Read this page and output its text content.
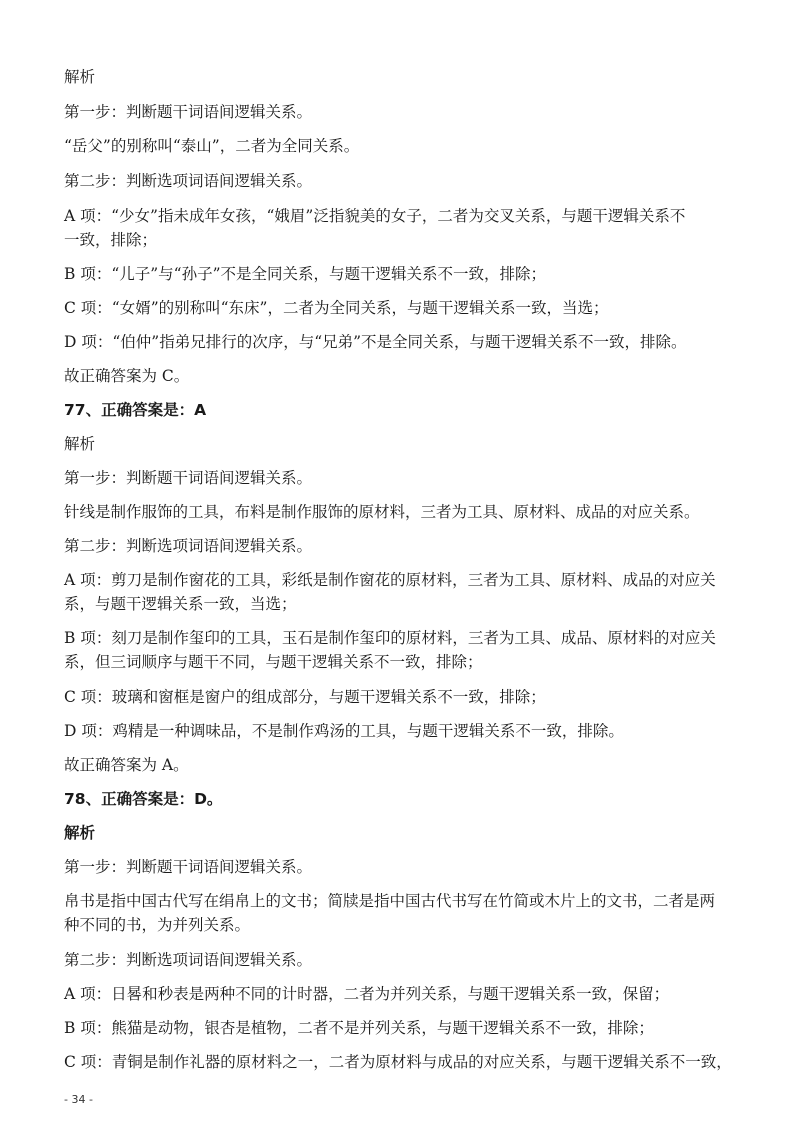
解析
第一步：判断题干词语间逻辑关系。
“岳父”的别称叫“泰山”，二者为全同关系。
第二步：判断选项词语间逻辑关系。
A 项：“少女”指未成年女孩，“娥眉”泛指貌美的女子，二者为交叉关系，与题干逻辑关系不
一致，排除；
B 项：“儿子”与“孙子”不是全同关系，与题干逻辑关系不一致，排除；
C 项：“女婿”的别称叫“东床”，二者为全同关系，与题干逻辑关系一致，当选；
D 项：“伯仲”指弟兄排行的次序，与“兄弟”不是全同关系，与题干逻辑关系不一致，排除。
故正确答案为 C。
77、正确答案是：A
解析
第一步：判断题干词语间逻辑关系。
针线是制作服饰的工具，布料是制作服饰的原材料，三者为工具、原材料、成品的对应关系。
第二步：判断选项词语间逻辑关系。
A 项：剪刀是制作窗花的工具，彩纸是制作窗花的原材料，三者为工具、原材料、成品的对应关
系，与题干逻辑关系一致，当选；
B 项：刻刀是制作玺印的工具，玉石是制作玺印的原材料，三者为工具、成品、原材料的对应关
系，但三词顺序与题干不同，与题干逻辑关系不一致，排除；
C 项：玻璃和窗框是窗户的组成部分，与题干逻辑关系不一致，排除；
D 项：鸡精是一种调味品，不是制作鸡汤的工具，与题干逻辑关系不一致，排除。
故正确答案为 A。
78、正确答案是：D。
解析
第一步：判断题干词语间逻辑关系。
帛书是指中国古代写在绢帛上的文书；简牍是指中国古代书写在竹简或木片上的文书，二者是两
种不同的书，为并列关系。
第二步：判断选项词语间逻辑关系。
A 项：日晷和秒表是两种不同的计时器，二者为并列关系，与题干逻辑关系一致，保留；
B 项：熊猫是动物，银杏是植物，二者不是并列关系，与题干逻辑关系不一致，排除；
C 项：青铜是制作礼器的原材料之一，二者为原材料与成品的对应关系，与题干逻辑关系不一致，
- 34 -
